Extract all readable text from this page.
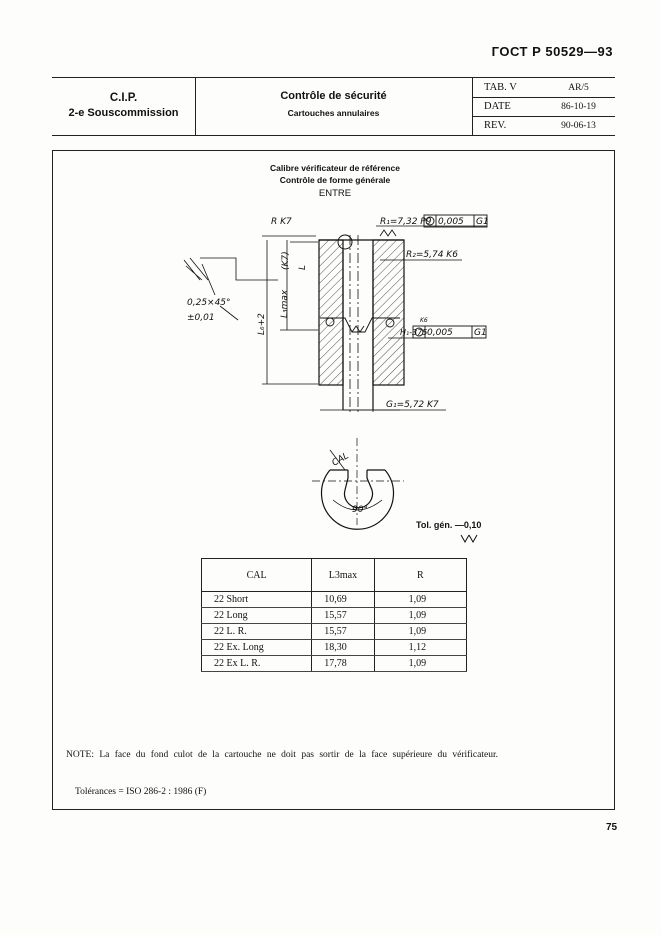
ГОСТ Р 50529—93
C.I.P.
2-e Souscommission
Contrôle de sécurité
Cartouches annulaires
TAB. V	AR/5
DATE	86-10-19
REV.	90-06-13
Calibre vérificateur de référence
Contrôle de forme générale
ENTRE
R K7	R₁=7,32 P9 0,005 G1
R₂=5,74 K6
H₁-375
K6
0,005 G1
0,25×45°
±0,01
G₁=5,72 K7
L₆+2
L₃max
(K7) L
CAL
90°
Tol. gén. —0,10
CAL	L3max	R
22 Short	10,69	1,09
22 Long	15,57	1,09
22 L. R.	15,57	1,09
22 Ex. Long	18,30	1,12
22 Ex L. R.	17,78	1,09
NOTE: La face du fond culot de la cartouche ne doit pas sortir de la face supérieure du vérificateur.
Tolérances = ISO 286-2 : 1986 (F)
75
